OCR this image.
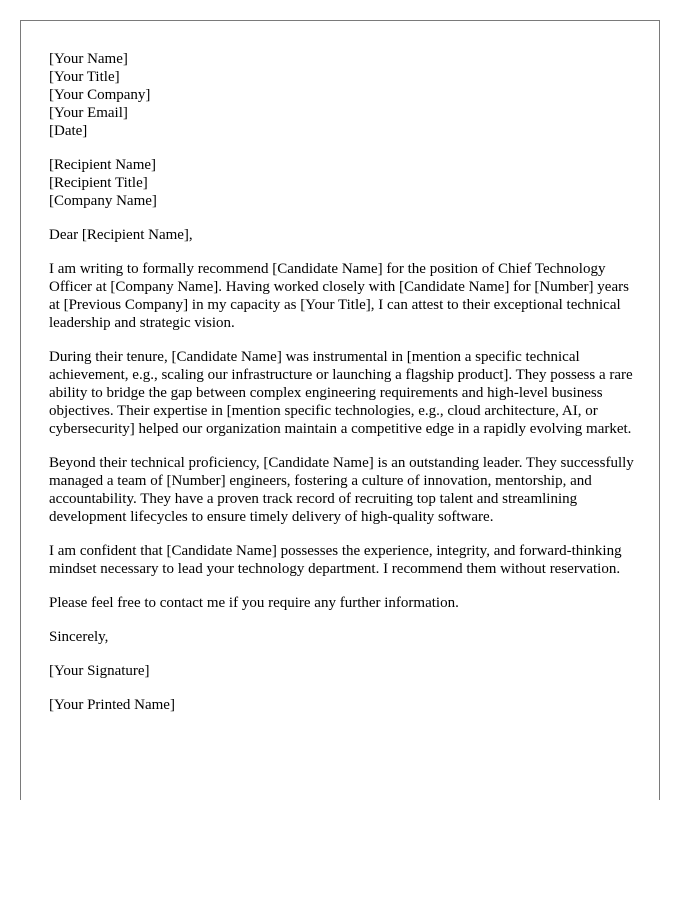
[Your Name]
[Your Title]
[Your Company]
[Your Email]
[Date]
[Recipient Name]
[Recipient Title]
[Company Name]

Dear [Recipient Name],

I am writing to formally recommend [Candidate Name] for the position of Chief Technology Officer at [Company Name]. Having worked closely with [Candidate Name] for [Number] years at [Previous Company] in my capacity as [Your Title], I can attest to their exceptional technical leadership and strategic vision.

During their tenure, [Candidate Name] was instrumental in [mention a specific technical achievement, e.g., scaling our infrastructure or launching a flagship product]. They possess a rare ability to bridge the gap between complex engineering requirements and high-level business objectives. Their expertise in [mention specific technologies, e.g., cloud architecture, AI, or cybersecurity] helped our organization maintain a competitive edge in a rapidly evolving market.

Beyond their technical proficiency, [Candidate Name] is an outstanding leader. They successfully managed a team of [Number] engineers, fostering a culture of innovation, mentorship, and accountability. They have a proven track record of recruiting top talent and streamlining development lifecycles to ensure timely delivery of high-quality software.

I am confident that [Candidate Name] possesses the experience, integrity, and forward-thinking mindset necessary to lead your technology department. I recommend them without reservation.

Please feel free to contact me if you require any further information.

Sincerely,

[Your Signature]

[Your Printed Name]
